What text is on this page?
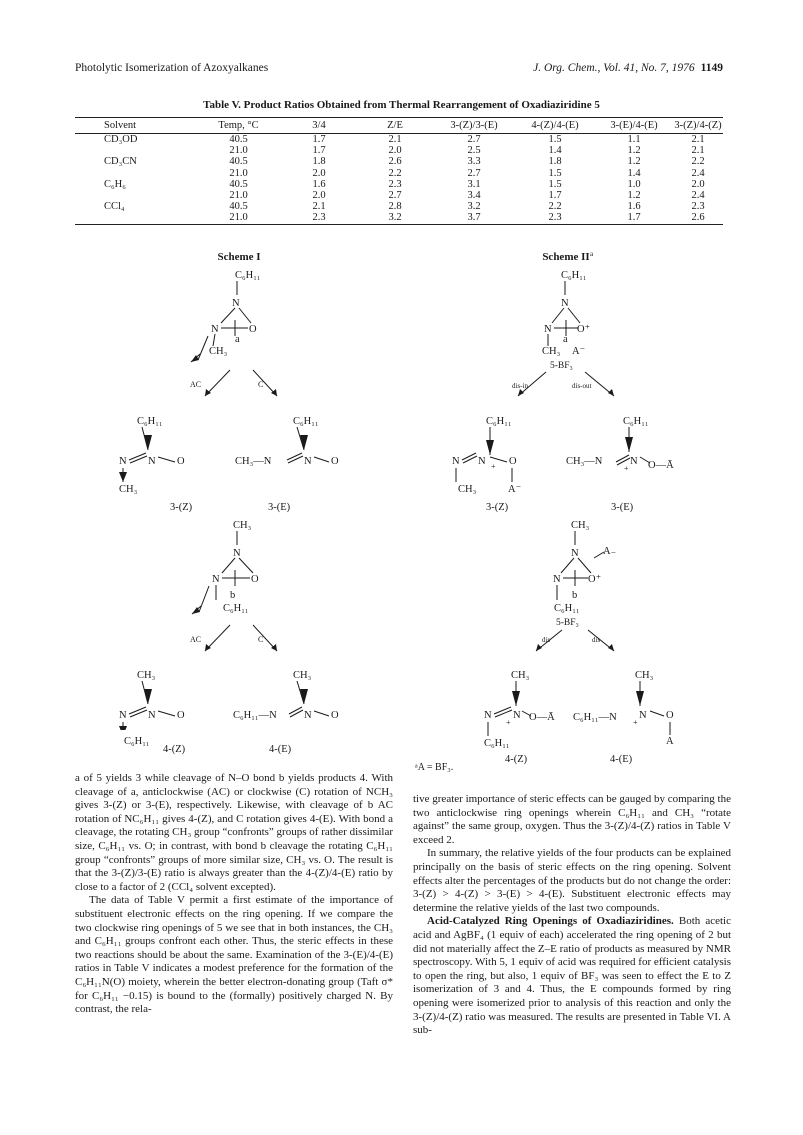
Photolytic Isomerization of Azoxyalkanes	J. Org. Chem., Vol. 41, No. 7, 1976 1149
Table V. Product Ratios Obtained from Thermal Rearrangement of Oxadiaziridine 5
Solvent	Temp, °C	3/4	Z/E	3-(Z)/3-(E)	4-(Z)/4-(E)	3-(E)/4-(E)	3-(Z)/4-(Z)
CD₃OD	40.5	1.7	2.1	2.7	1.5	1.1	2.1
	21.0	1.7	2.0	2.5	1.4	1.2	2.1
CD₃CN	40.5	1.8	2.6	3.3	1.8	1.2	2.2
	21.0	2.0	2.2	2.7	1.5	1.4	2.4
C₆H₆	40.5	1.6	2.3	3.1	1.5	1.0	2.0
	21.0	2.0	2.7	3.4	1.7	1.2	2.4
CCl₄	40.5	2.1	2.8	3.2	2.2	1.6	2.3
	21.0	2.3	3.2	3.7	2.3	1.7	2.6
Scheme I
C₆H₁₁
N
N	O
a
CH₃
AC	C
C₆H₁₁
N
N	O
CH₃
3-(Z)
C₆H₁₁
CH₃—N	N O
3-(E)
CH₃
N
N	O
b
C₆H₁₁
AC	C
CH₃
N
N	O
CH₃
C₆H₁₁—N	N O
4-(Z)	4-(E)
C₆H₁₁
Scheme II a
C₆H₁₁
N
N O⁺
a
CH₃ A⁻
5-BF₃
dis-in	dis-out
C₆H₁₁
N
N	+ O
CH₃	A⁻
3-(Z)
C₆H₁₁
CH₃—N	N
+ O—Ā
3-(E)
CH₃
N A₋
N	O⁺
b
C₆H₁₁
5-BF₃
dis	dis
CH₃
N
N
+ O—Ā
C₆H₁₁
4-(Z)
CH₃
C₆H₁₁—N N
+
O
A
4-(E)
ᵃA = BF₃.

a of 5 yields 3 while cleavage of N–O bond b yields products 4. With cleavage of a, anticlockwise (AC) or clockwise (C) rotation of NCH₃ gives 3-(Z) or 3-(E), respectively. Likewise, with cleavage of b AC rotation of NC₆H₁₁ gives 4-(Z), and C rotation gives 4-(E). With bond a cleavage, the rotating CH₃ group “confronts” groups of rather dissimilar size, C₆H₁₁ vs. O; in contrast, with bond b cleavage the rotating C₆H₁₁ group “confronts” groups of more similar size, CH₃ vs. O. The result is that the 3-(Z)/3-(E) ratio is always greater than the 4-(Z)/4-(E) ratio by close to a factor of 2 (CCl₄ solvent excepted).

The data of Table V permit a first estimate of the importance of substituent electronic effects on the ring opening. If we compare the two clockwise ring openings of 5 we see that in both instances, the CH₃ and C₆H₁₁ groups confront each other. Thus, the steric effects in these two reactions should be about the same. Examination of the 3-(E)/4-(E) ratios in Table V indicates a modest preference for the formation of the C₆H₁₁N(O) moiety, wherein the better electron-donating group (Taft σ* for C₆H₁₁ −0.15) is bound to the (formally) positively charged N. By contrast, the rela-

tive greater importance of steric effects can be gauged by comparing the two anticlockwise ring openings wherein C₆H₁₁ and CH₃ “rotate against” the same group, oxygen. Thus the 3-(Z)/4-(Z) ratios in Table V exceed 2.

In summary, the relative yields of the four products can be explained principally on the basis of steric effects on the ring opening. Solvent effects alter the percentages of the products but do not change the order: 3-(Z) > 4-(Z) > 3-(E) > 4-(E). Substituent electronic effects may determine the relative yields of the last two compounds.

Acid-Catalyzed Ring Openings of Oxadiaziridines. Both acetic acid and AgBF₄ (1 equiv of each) accelerated the ring opening of 2 but did not materially affect the Z–E ratio of products as measured by NMR spectroscopy. With 5, 1 equiv of acid was required for efficient catalysis to open the ring, but also, 1 equiv of BF₃ was seen to effect the E to Z isomerization of 3 and 4. Thus, the E compounds formed by ring opening were isomerized prior to analysis of this reaction and only the 3-(Z)/4-(Z) ratio was measured. The results are presented in Table VI. A sub-
